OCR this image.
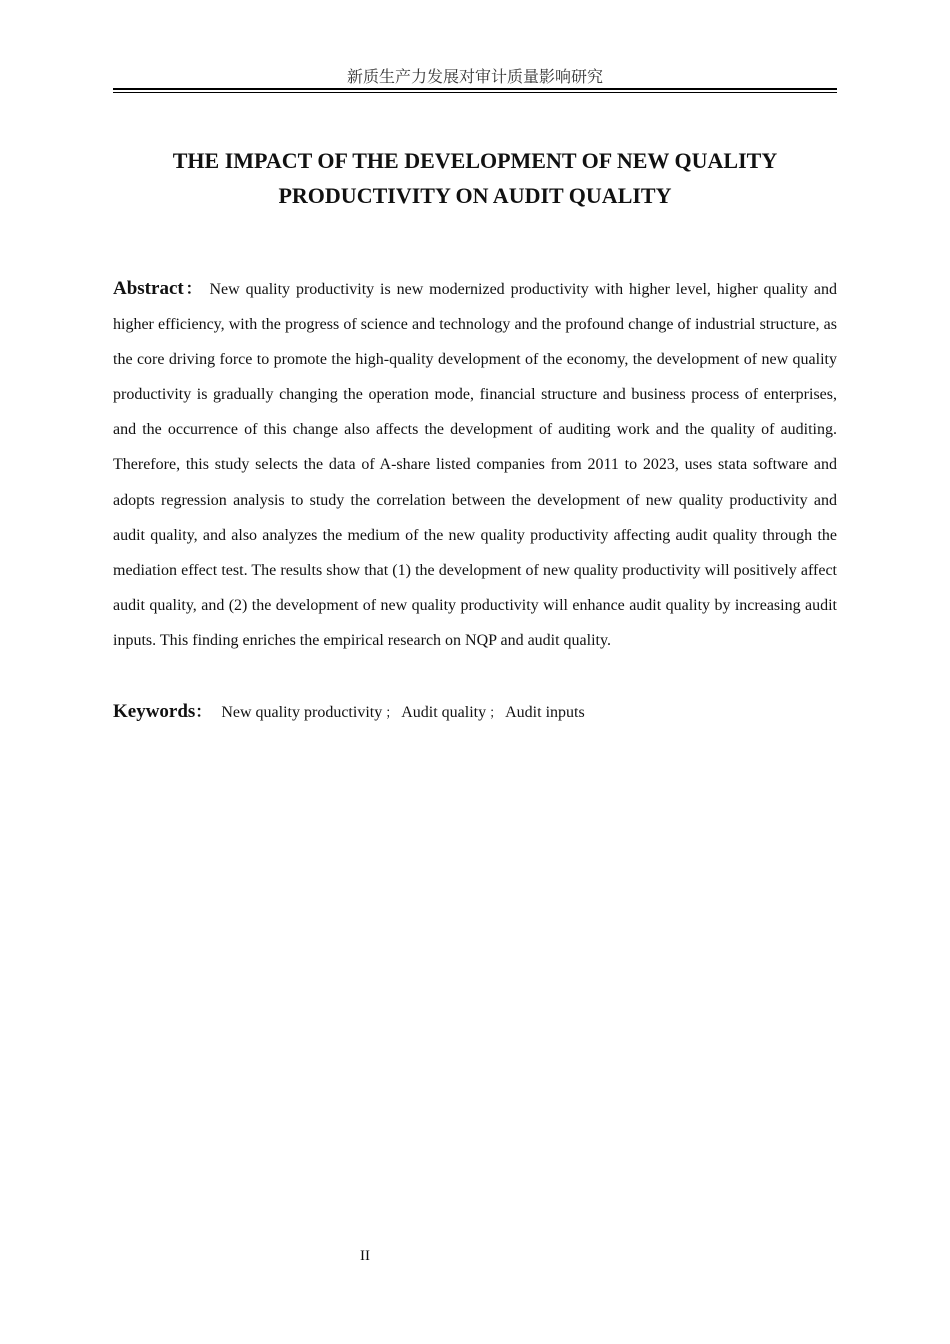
新质生产力发展对审计质量影响研究
THE IMPACT OF THE DEVELOPMENT OF NEW QUALITY
PRODUCTIVITY ON AUDIT QUALITY

Abstract： New quality productivity is new modernized productivity with higher level, higher quality and higher efficiency, with the progress of science and technology and the profound change of industrial structure, as the core driving force to promote the high-quality development of the economy, the development of new quality productivity is gradually changing the operation mode, financial structure and business process of enterprises, and the occurrence of this change also affects the development of auditing work and the quality of auditing. Therefore, this study selects the data of A-share listed companies from 2011 to 2023, uses stata software and adopts regression analysis to study the correlation between the development of new quality productivity and audit quality, and also analyzes the medium of the new quality productivity affecting audit quality through the mediation effect test. The results show that (1) the development of new quality productivity will positively affect audit quality, and (2) the development of new quality productivity will enhance audit quality by increasing audit inputs. This finding enriches the empirical research on NQP and audit quality.

Keywords： New quality productivity ； Audit quality ； Audit inputs

II
